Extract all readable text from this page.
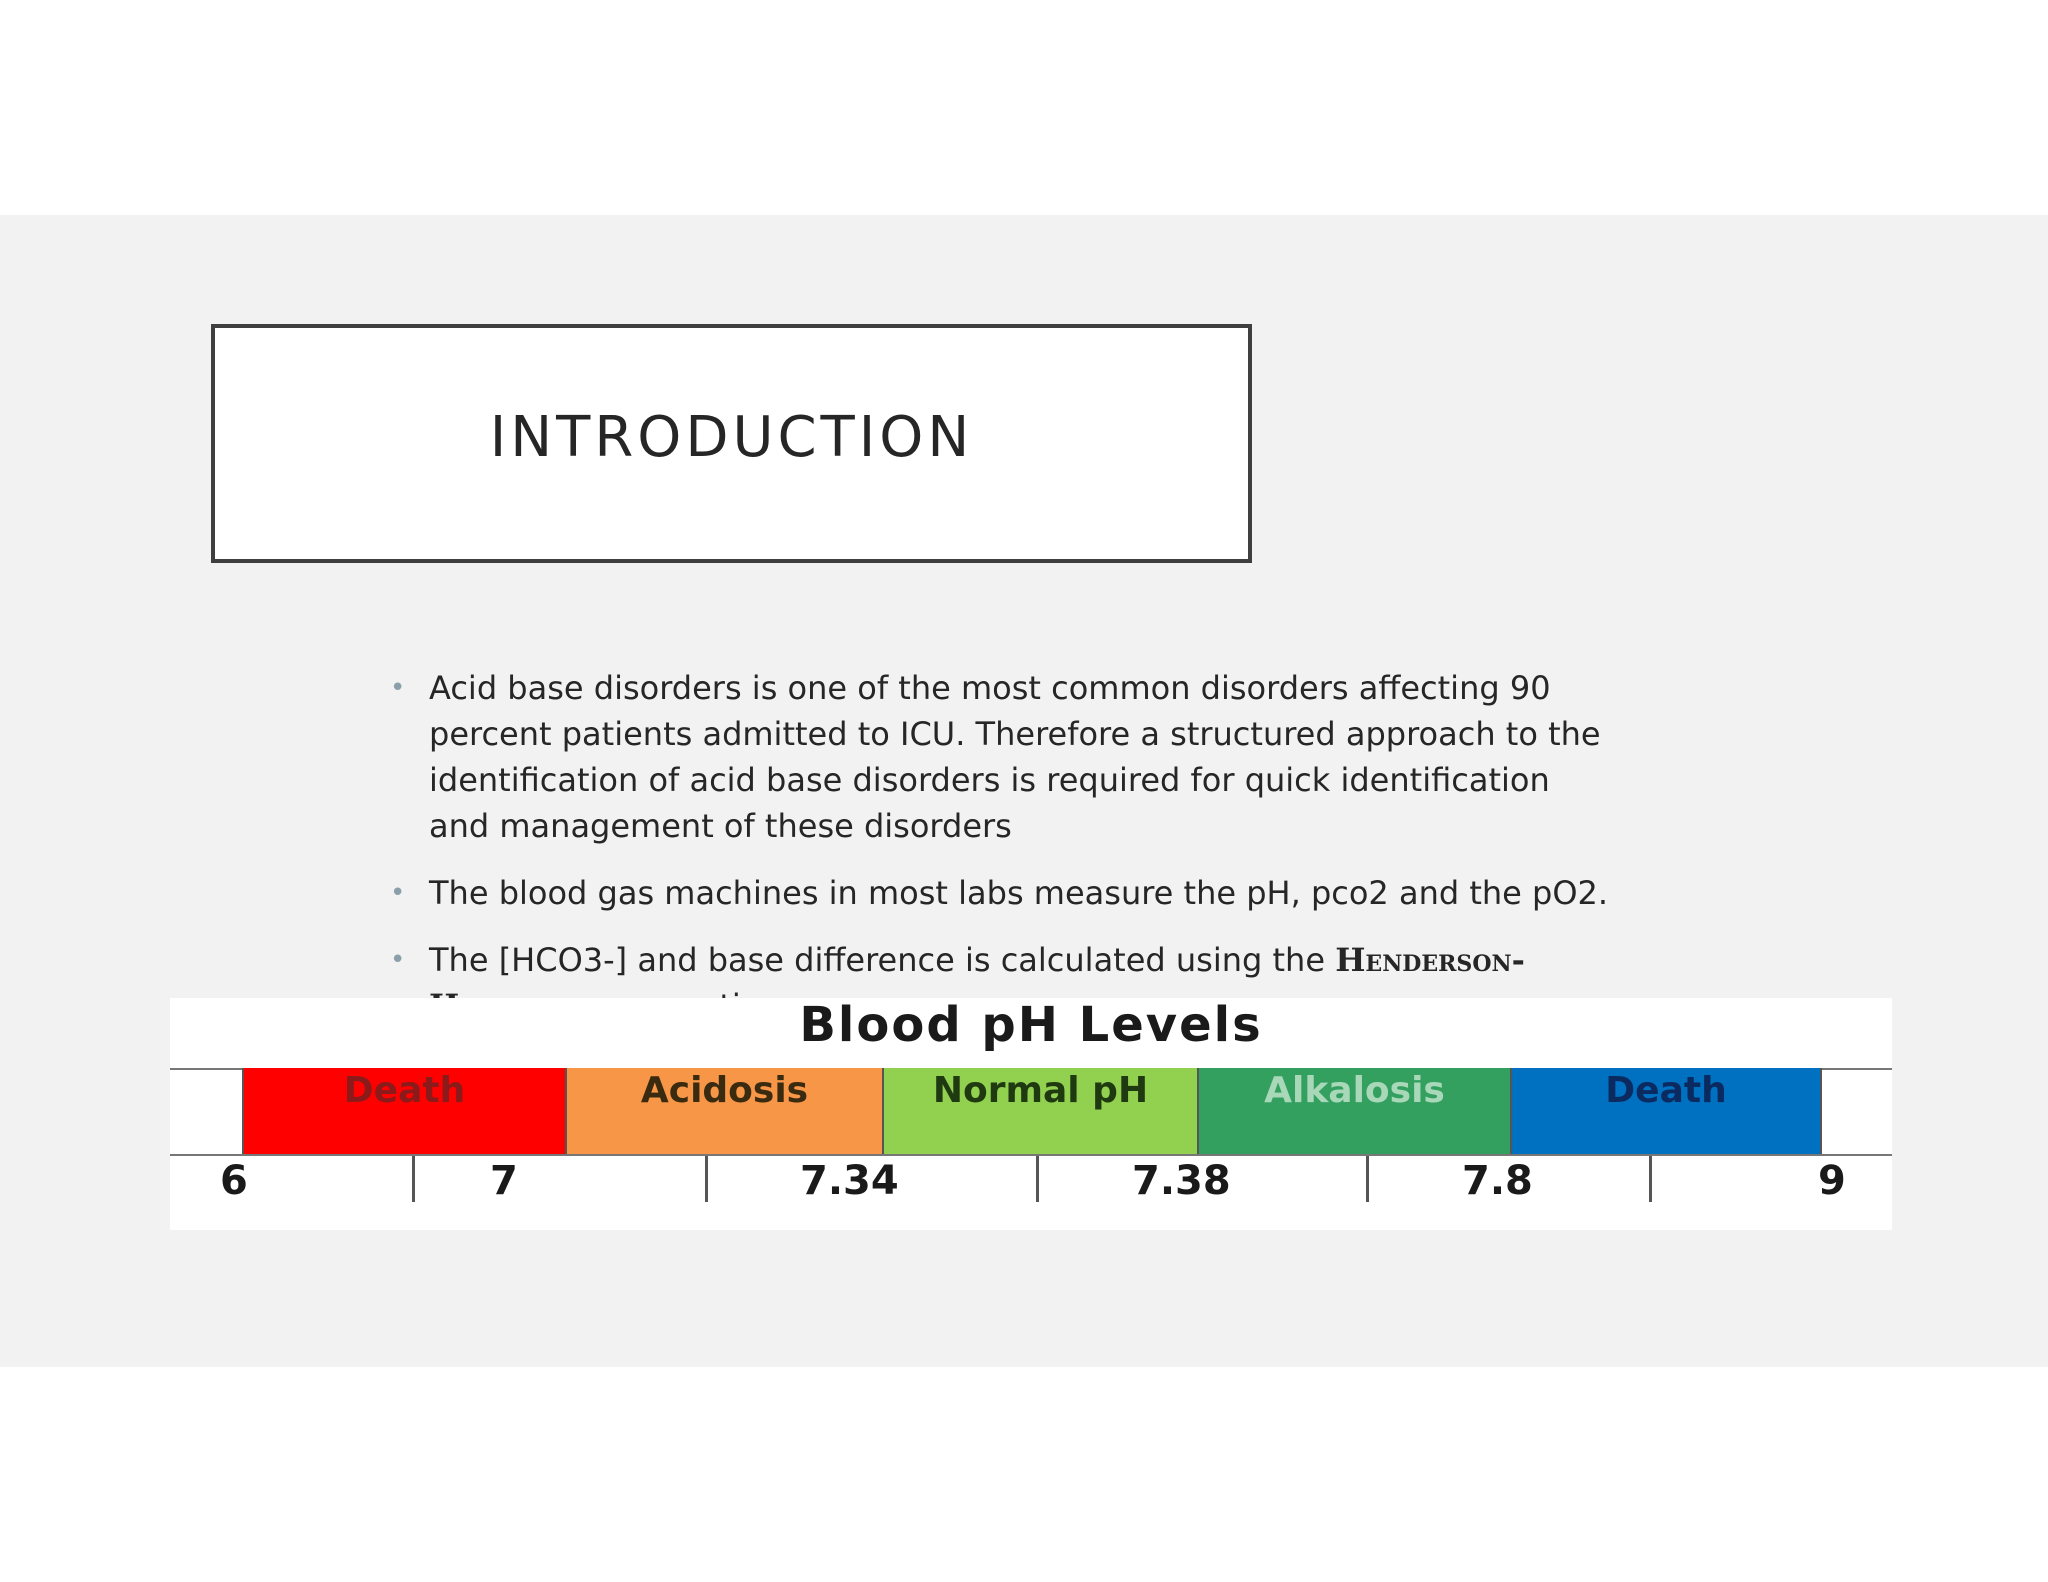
INTRODUCTION
• Acid base disorders is one of the most common disorders affecting 90 percent patients admitted to ICU. Therefore a structured approach to the identification of acid base disorders is required for quick identification and management of these disorders
• The blood gas machines in most labs measure the pH, pco2 and the pO2.
• The [HCO3-] and base difference is calculated using the Henderson-
Blood pH Levels
Death	Acidosis	Normal pH	Alkalosis	Death
6	7	7.34	7.38	7.8	9
